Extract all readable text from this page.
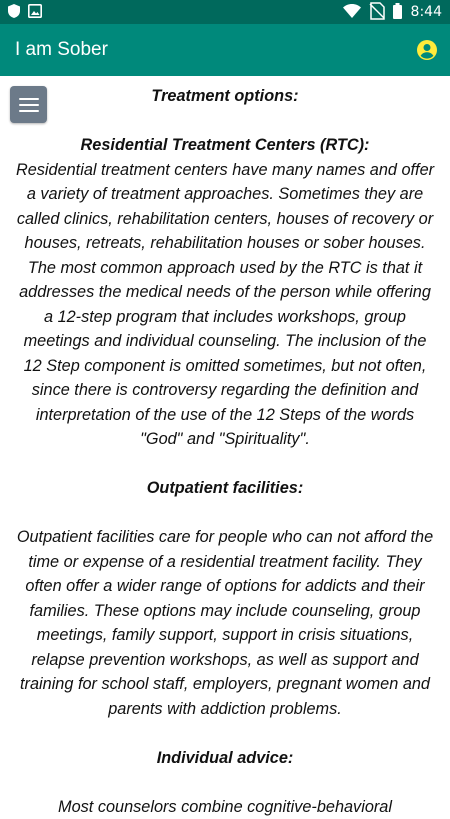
8:44
I am Sober
Treatment options:
Residential Treatment Centers (RTC):

Residential treatment centers have many names and offer a variety of treatment approaches. Sometimes they are called clinics, rehabilitation centers, houses of recovery or houses, retreats, rehabilitation houses or sober houses. The most common approach used by the RTC is that it addresses the medical needs of the person while offering a 12-step program that includes workshops, group meetings and individual counseling. The inclusion of the 12 Step component is omitted sometimes, but not often, since there is controversy regarding the definition and interpretation of the use of the 12 Steps of the words "God" and "Spirituality".

Outpatient facilities:

Outpatient facilities care for people who can not afford the time or expense of a residential treatment facility. They often offer a wider range of options for addicts and their families. These options may include counseling, group meetings, family support, support in crisis situations, relapse prevention workshops, as well as support and training for school staff, employers, pregnant women and parents with addiction problems.

Individual advice:

Most counselors combine cognitive-behavioral
